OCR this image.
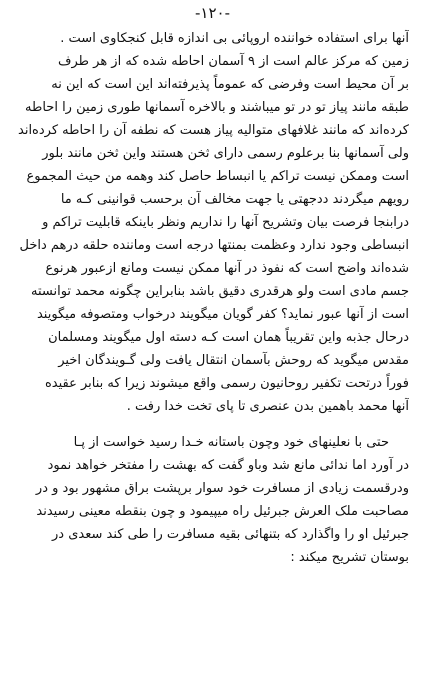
-۱۲۰-
آنها برای استفاده خواننده اروپائی بی اندازه قابل کنجکاوی است .
زمین که مرکز عالم است از ۹ آسمان احاطه شده که از هر طرف
بر آن محیط است وفرضی که عموماً پذیرفته‌اند این است که این نه
طبقه مانند پیاز تو در تو میباشند و بالاخره آسمانها طوری زمین را احاطه
کرده‌اند که مانند غلافهای متوالیه پیاز هست که نطفه آن را احاطه کرده‌اند
ولی آسمانها بنا برعلوم رسمی دارای ثخن هستند واین ثخن مانند بلور
است وممکن نیست تراکم یا انبساط حاصل کند وهمه من حیث المجموع
رویهم میگردند ددجهتی یا جهت مخالف آن برحسب قوانینی کـه ما
درابنجا فرصت بیان وتشریح آنها را نداریم ونظر باینکه قابلیت تراکم و
انبساطی وجود ندارد وعظمت بمنتها درجه است وماننده حلقه درهم داخل
شده‌اند واضح است که نفوذ در آنها ممکن نیست ومانع ازعبور هرنوع
جسم مادی است ولو هرقدری دقیق باشد بنابراین چگونه محمد توانسته
است از آنها عبور نماید؟ کفر گویان میگویند درخواب ومتصوفه میگویند
درحال جذبه واین تقریباً همان است کـه دسته اول میگویند ومسلمان
مقدس میگوید که روحش بآسمان انتقال یافت ولی گـویندگان اخیر
فوراً درتحت تکفیر روحانیون رسمی واقع میشوند زیرا که بنابر عقیده
آنها محمد باهمین بدن عنصری تا پای تخت خدا رفت .
حتی با نعلینهای خود وچون باستانه خـدا رسید خواست از پـا
در آورد اما ندائی مانع شد وباو گفت که بهشت را مفتخر خواهد نمود
ودرقسمت زیادی از مسافرت خود سوار برپشت براق مشهور بود و در
مصاحبت ملک العرش جبرئیل راه میپیمود و چون بنقطه معینی رسیدند
جبرئیل او را واگذارد که بتنهائی بقیه مسافرت را طی کند سعدی در
بوستان تشریح میکند :
